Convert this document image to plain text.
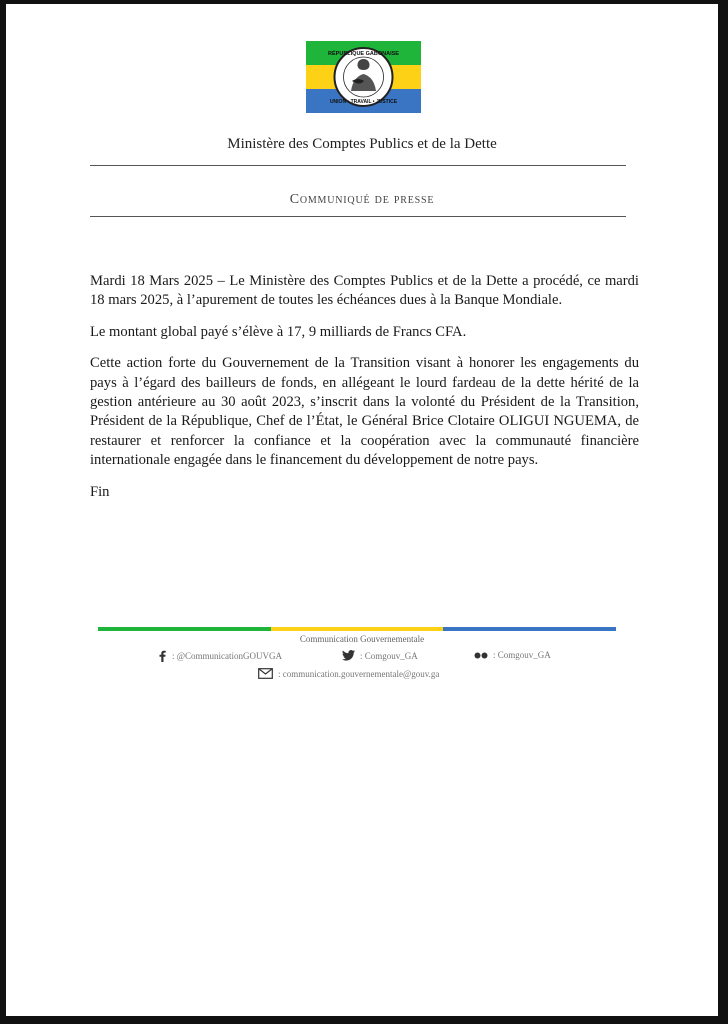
RÉPUBLIQUE GABONAISE
UNION • TRAVAIL • JUSTICE
Ministère des Comptes Publics et de la Dette
Communiqué de presse

Mardi 18 Mars 2025 – Le Ministère des Comptes Publics et de la Dette a procédé, ce mardi 18 mars 2025, à l’apurement de toutes les échéances dues à la Banque Mondiale.

Le montant global payé s’élève à 17, 9 milliards de Francs CFA.

Cette action forte du Gouvernement de la Transition visant à honorer les engagements du pays à l’égard des bailleurs de fonds, en allégeant le lourd fardeau de la dette hérité de la gestion antérieure au 30 août 2023, s’inscrit dans la volonté du Président de la Transition, Président de la République, Chef de l’État, le Général Brice Clotaire OLIGUI NGUEMA, de restaurer et renforcer la confiance et la coopération avec la communauté financière internationale engagée dans le financement du développement de notre pays.

Fin

Communication Gouvernementale
: @CommunicationGOUVGA	: Comgouv_GA	: Comgouv_GA
: communication.gouvernementale@gouv.ga
